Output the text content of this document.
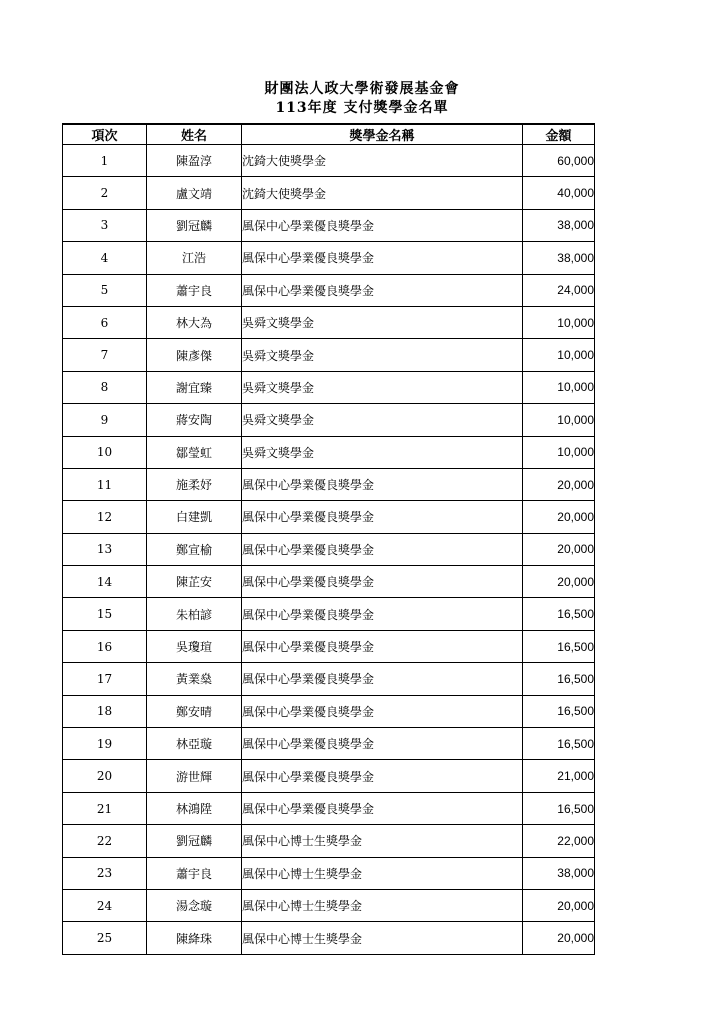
財團法人政大學術發展基金會
113年度 支付獎學金名單
項次	姓名	獎學金名稱	金額
1	陳盈淳	沈錡大使獎學金	60,000
2	盧文靖	沈錡大使獎學金	40,000
3	劉冠麟	風保中心學業優良獎學金	38,000
4	江浩	風保中心學業優良獎學金	38,000
5	蕭宇良	風保中心學業優良獎學金	24,000
6	林大為	吳舜文獎學金	10,000
7	陳彥傑	吳舜文獎學金	10,000
8	謝宜臻	吳舜文獎學金	10,000
9	蔣安陶	吳舜文獎學金	10,000
10	鄒瑩虹	吳舜文獎學金	10,000
11	施柔妤	風保中心學業優良獎學金	20,000
12	白建凱	風保中心學業優良獎學金	20,000
13	鄭宣榆	風保中心學業優良獎學金	20,000
14	陳芷安	風保中心學業優良獎學金	20,000
15	朱柏諺	風保中心學業優良獎學金	16,500
16	吳瓊瑄	風保中心學業優良獎學金	16,500
17	黃業燊	風保中心學業優良獎學金	16,500
18	鄭安晴	風保中心學業優良獎學金	16,500
19	林亞璇	風保中心學業優良獎學金	16,500
20	游世輝	風保中心學業優良獎學金	21,000
21	林鴻陞	風保中心學業優良獎學金	16,500
22	劉冠麟	風保中心博士生獎學金	22,000
23	蕭宇良	風保中心博士生獎學金	38,000
24	湯念璇	風保中心博士生獎學金	20,000
25	陳絳珠	風保中心博士生獎學金	20,000
